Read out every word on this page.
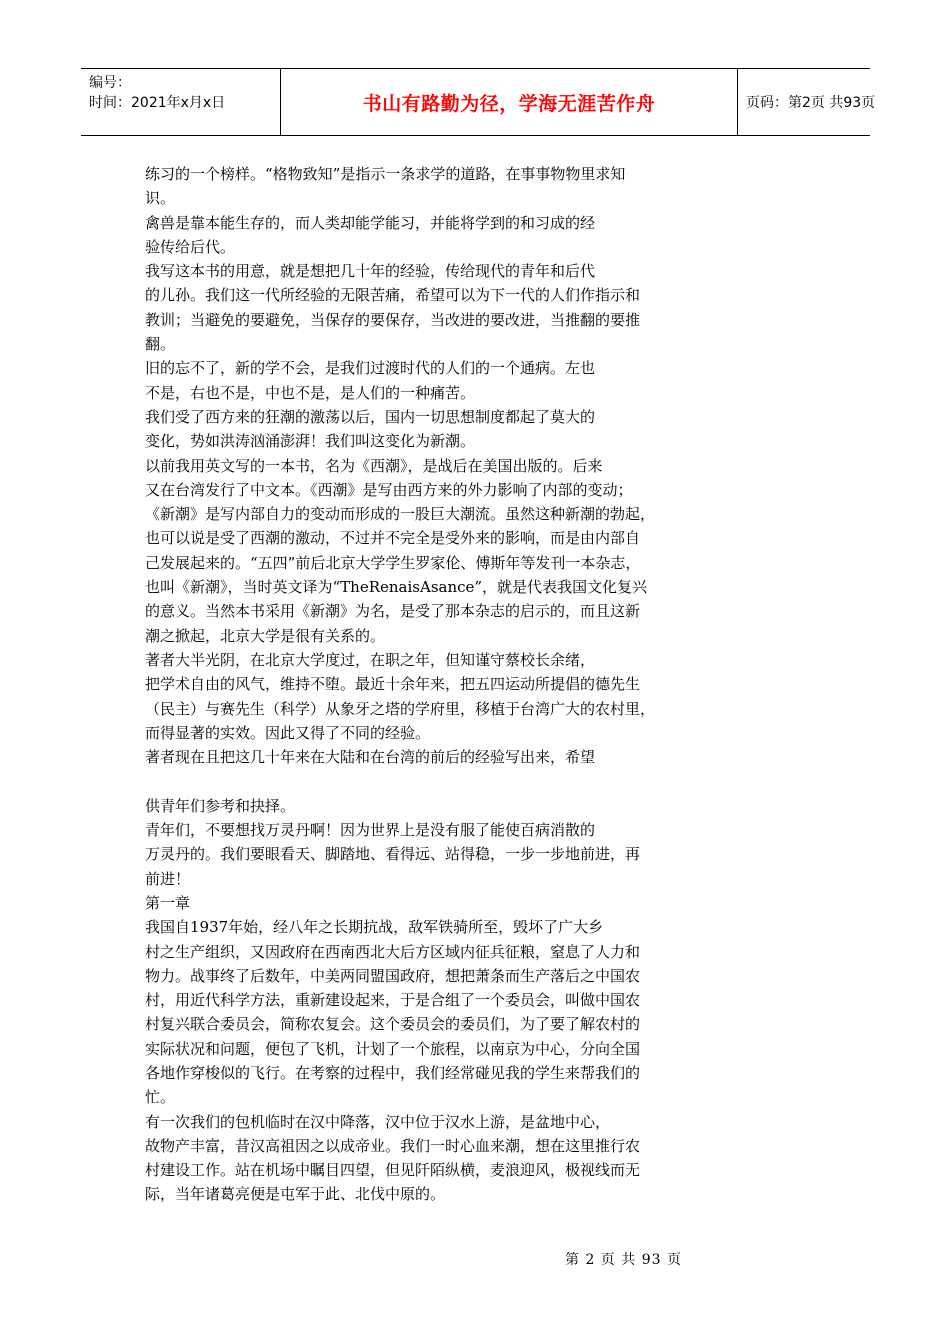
编号：
时间：2021年x月x日	书山有路勤为径，学海无涯苦作舟	页码：第2页 共93页
练习的一个榜样。“格物致知”是指示一条求学的道路，在事事物物里求知
识。
禽兽是靠本能生存的，而人类却能学能习，并能将学到的和习成的经
验传给后代。
我写这本书的用意，就是想把几十年的经验，传给现代的青年和后代
的儿孙。我们这一代所经验的无限苦痛，希望可以为下一代的人们作指示和
教训；当避免的要避免，当保存的要保存，当改进的要改进，当推翻的要推
翻。
旧的忘不了，新的学不会，是我们过渡时代的人们的一个通病。左也
不是，右也不是，中也不是，是人们的一种痛苦。
我们受了西方来的狂潮的激荡以后，国内一切思想制度都起了莫大的
变化，势如洪涛汹涌澎湃！我们叫这变化为新潮。
以前我用英文写的一本书，名为《西潮》，是战后在美国出版的。后来
又在台湾发行了中文本。《西潮》是写由西方来的外力影响了内部的变动；
《新潮》是写内部自力的变动而形成的一股巨大潮流。虽然这种新潮的勃起，
也可以说是受了西潮的激动，不过并不完全是受外来的影响，而是由内部自
己发展起来的。“五四”前后北京大学学生罗家伦、傅斯年等发刊一本杂志，
也叫《新潮》，当时英文译为“TheRenaisAsance”，就是代表我国文化复兴
的意义。当然本书采用《新潮》为名，是受了那本杂志的启示的，而且这新
潮之掀起，北京大学是很有关系的。
著者大半光阴，在北京大学度过，在职之年，但知谨守蔡校长余绪，
把学术自由的风气，维持不堕。最近十余年来，把五四运动所提倡的德先生
（民主）与赛先生（科学）从象牙之塔的学府里，移植于台湾广大的农村里，
而得显著的实效。因此又得了不同的经验。
著者现在且把这几十年来在大陆和在台湾的前后的经验写出来，希望
供青年们参考和抉择。
青年们，不要想找万灵丹啊！因为世界上是没有服了能使百病消散的
万灵丹的。我们要眼看天、脚踏地、看得远、站得稳，一步一步地前进，再
前进！
第一章
我国自1937年始，经八年之长期抗战，敌军铁骑所至，毁坏了广大乡
村之生产组织，又因政府在西南西北大后方区域内征兵征粮，窒息了人力和
物力。战事终了后数年，中美两同盟国政府，想把萧条而生产落后之中国农
村，用近代科学方法，重新建设起来，于是合组了一个委员会，叫做中国农
村复兴联合委员会，简称农复会。这个委员会的委员们，为了要了解农村的
实际状况和问题，便包了飞机，计划了一个旅程，以南京为中心，分向全国
各地作穿梭似的飞行。在考察的过程中，我们经常碰见我的学生来帮我们的
忙。
有一次我们的包机临时在汉中降落，汉中位于汉水上游，是盆地中心，
故物产丰富，昔汉高祖因之以成帝业。我们一时心血来潮，想在这里推行农
村建设工作。站在机场中瞩目四望，但见阡陌纵横，麦浪迎风，极视线而无
际，当年诸葛亮便是屯军于此、北伐中原的。
第 2 页 共 93 页
